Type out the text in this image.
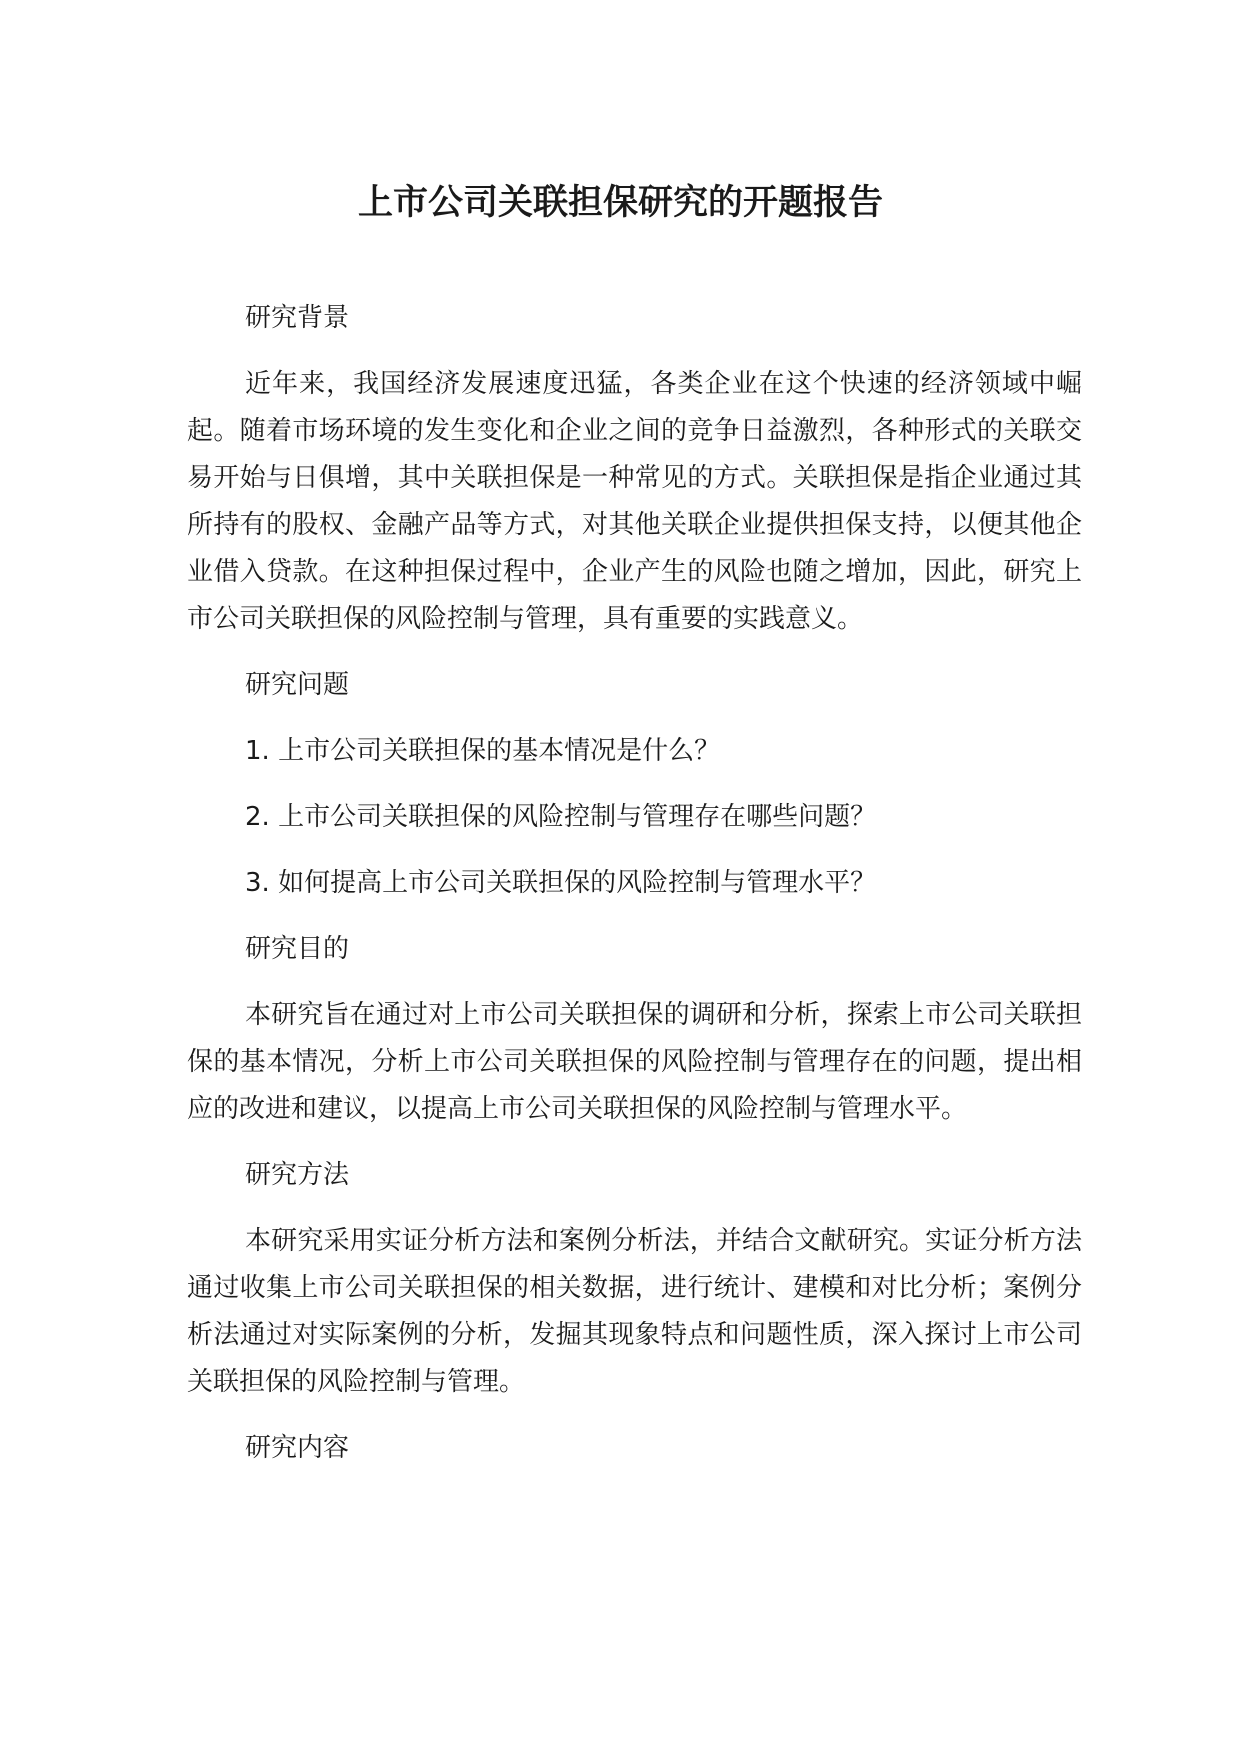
上市公司关联担保研究的开题报告

研究背景

近年来，我国经济发展速度迅猛，各类企业在这个快速的经济领域中崛起。随着市场环境的发生变化和企业之间的竞争日益激烈，各种形式的关联交易开始与日俱增，其中关联担保是一种常见的方式。关联担保是指企业通过其所持有的股权、金融产品等方式，对其他关联企业提供担保支持，以便其他企业借入贷款。在这种担保过程中，企业产生的风险也随之增加，因此，研究上市公司关联担保的风险控制与管理，具有重要的实践意义。

研究问题

1. 上市公司关联担保的基本情况是什么？

2. 上市公司关联担保的风险控制与管理存在哪些问题？

3. 如何提高上市公司关联担保的风险控制与管理水平？

研究目的

本研究旨在通过对上市公司关联担保的调研和分析，探索上市公司关联担保的基本情况，分析上市公司关联担保的风险控制与管理存在的问题，提出相应的改进和建议，以提高上市公司关联担保的风险控制与管理水平。

研究方法

本研究采用实证分析方法和案例分析法，并结合文献研究。实证分析方法通过收集上市公司关联担保的相关数据，进行统计、建模和对比分析；案例分析法通过对实际案例的分析，发掘其现象特点和问题性质，深入探讨上市公司关联担保的风险控制与管理。

研究内容
